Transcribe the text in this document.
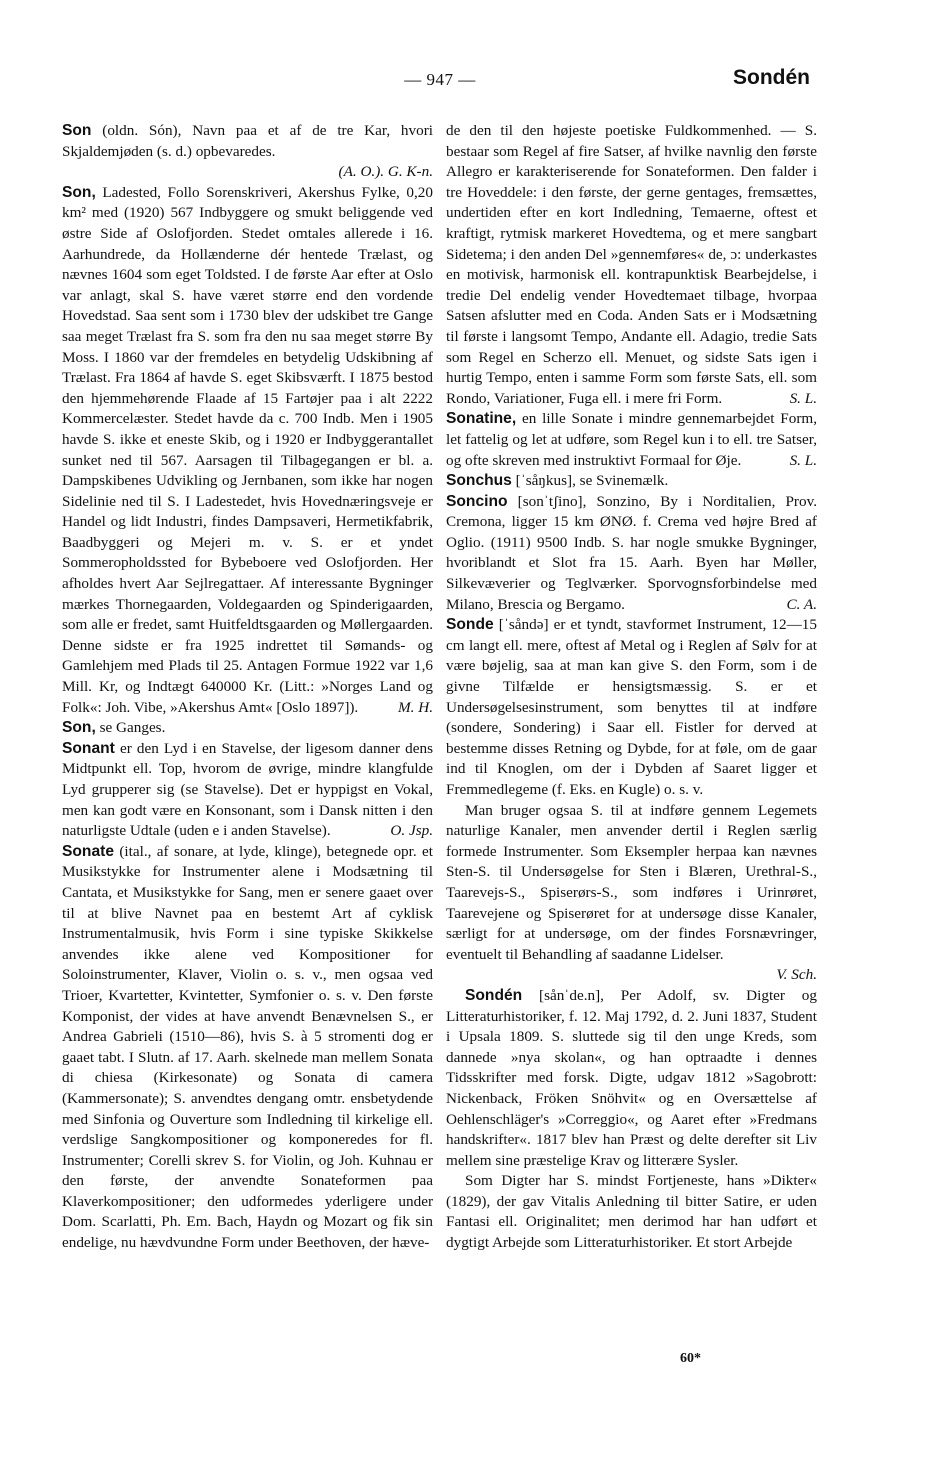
— 947 —	Sondén

Son (oldn. Són), Navn paa et af de tre Kar, hvori Skjaldemjøden (s. d.) opbevaredes.

(A. O.). G. K-n.

Son, Ladested, Follo Sorenskriveri, Akershus Fylke, 0,20 km² med (1920) 567 Indbyggere og smukt beliggende ved østre Side af Oslofjorden. Stedet omtales allerede i 16. Aarhundrede, da Hollænderne dér hentede Trælast, og nævnes 1604 som eget Toldsted. I de første Aar efter at Oslo var anlagt, skal S. have været større end den vordende Hovedstad. Saa sent som i 1730 blev der udskibet tre Gange saa meget Trælast fra S. som fra den nu saa meget større By Moss. I 1860 var der fremdeles en betydelig Udskibning af Trælast. Fra 1864 af havde S. eget Skibsværft. I 1875 bestod den hjemmehørende Flaade af 15 Fartøjer paa i alt 2222 Kommercelæster. Stedet havde da c. 700 Indb. Men i 1905 havde S. ikke et eneste Skib, og i 1920 er Indbyggerantallet sunket ned til 567. Aarsagen til Tilbagegangen er bl. a. Dampskibenes Udvikling og Jernbanen, som ikke har nogen Sidelinie ned til S. I Ladestedet, hvis Hovednæringsveje er Handel og lidt Industri, findes Dampsaveri, Hermetikfabrik, Baadbyggeri og Mejeri m. v. S. er et yndet Sommeropholdssted for Bybeboere ved Oslofjorden. Her afholdes hvert Aar Sejlregattaer. Af interessante Bygninger mærkes Thornegaarden, Voldegaarden og Spinderigaarden, som alle er fredet, samt Huitfeldtsgaarden og Møllergaarden. Denne sidste er fra 1925 indrettet til Sømands- og Gamlehjem med Plads til 25. Antagen Formue 1922 var 1,6 Mill. Kr, og Indtægt 640000 Kr. (Litt.: »Norges Land og Folk«: Joh. Vibe, »Akershus Amt« [Oslo 1897]).	M. H.

Son, se Ganges.

Sonant er den Lyd i en Stavelse, der ligesom danner dens Midtpunkt ell. Top, hvorom de øvrige, mindre klangfulde Lyd grupperer sig (se Stavelse). Det er hyppigst en Vokal, men kan godt være en Konsonant, som i Dansk nitten i den naturligste Udtale (uden e i anden Stavelse).	O. Jsp.

Sonate (ital., af sonare, at lyde, klinge), betegnede opr. et Musikstykke for Instrumenter alene i Modsætning til Cantata, et Musikstykke for Sang, men er senere gaaet over til at blive Navnet paa en bestemt Art af cyklisk Instrumentalmusik, hvis Form i sine typiske Skikkelse anvendes ikke alene ved Kompositioner for Soloinstrumenter, Klaver, Violin o. s. v., men ogsaa ved Trioer, Kvartetter, Kvintetter, Symfonier o. s. v. Den første Komponist, der vides at have anvendt Benævnelsen S., er Andrea Gabrieli (1510—86), hvis S. à 5 stromenti dog er gaaet tabt. I Slutn. af 17. Aarh. skelnede man mellem Sonata di chiesa (Kirkesonate) og Sonata di camera (Kammersonate); S. anvendtes dengang omtr. ensbetydende med Sinfonia og Ouverture som Indledning til kirkelige ell. verdslige Sangkompositioner og komponeredes for fl. Instrumenter; Corelli skrev S. for Violin, og Joh. Kuhnau er den første, der anvendte Sonateformen paa Klaverkompositioner; den udformedes yderligere under Dom. Scarlatti, Ph. Em. Bach, Haydn og Mozart og fik sin endelige, nu hævdvundne Form under Beethoven, der hæve-

de den til den højeste poetiske Fuldkommenhed. — S. bestaar som Regel af fire Satser, af hvilke navnlig den første Allegro er karakteriserende for Sonateformen. Den falder i tre Hoveddele: i den første, der gerne gentages, fremsættes, undertiden efter en kort Indledning, Temaerne, oftest et kraftigt, rytmisk markeret Hovedtema, og et mere sangbart Sidetema; i den anden Del »gennemføres« de, ɔ: underkastes en motivisk, harmonisk ell. kontrapunktisk Bearbejdelse, i tredie Del endelig vender Hovedtemaet tilbage, hvorpaa Satsen afslutter med en Coda. Anden Sats er i Modsætning til første i langsomt Tempo, Andante ell. Adagio, tredie Sats som Regel en Scherzo ell. Menuet, og sidste Sats igen i hurtig Tempo, enten i samme Form som første Sats, ell. som Rondo, Variationer, Fuga ell. i mere fri Form.	S. L.

Sonatine, en lille Sonate i mindre gennemarbejdet Form, let fattelig og let at udføre, som Regel kun i to ell. tre Satser, og ofte skreven med instruktivt Formaal for Øje.	S. L.

Sonchus [ˈsåŋkus], se Svinemælk.

Soncino [sonˈtʃino], Sonzino, By i Norditalien, Prov. Cremona, ligger 15 km ØNØ. f. Crema ved højre Bred af Oglio. (1911) 9500 Indb. S. har nogle smukke Bygninger, hvoriblandt et Slot fra 15. Aarh. Byen har Møller, Silkevæverier og Teglværker. Sporvognsforbindelse med Milano, Brescia og Bergamo.	C. A.

Sonde [ˈsåndə] er et tyndt, stavformet Instrument, 12—15 cm langt ell. mere, oftest af Metal og i Reglen af Sølv for at være bøjelig, saa at man kan give S. den Form, som i de givne Tilfælde er hensigtsmæssig. S. er et Undersøgelsesinstrument, som benyttes til at indføre (sondere, Sondering) i Saar ell. Fistler for derved at bestemme disses Retning og Dybde, for at føle, om de gaar ind til Knoglen, om der i Dybden af Saaret ligger et Fremmedlegeme (f. Eks. en Kugle) o. s. v.

Man bruger ogsaa S. til at indføre gennem Legemets naturlige Kanaler, men anvender dertil i Reglen særlig formede Instrumenter. Som Eksempler herpaa kan nævnes Sten-S. til Undersøgelse for Sten i Blæren, Urethral-S., Taarevejs-S., Spiserørs-S., som indføres i Urinrøret, Taarevejene og Spiserøret for at undersøge disse Kanaler, særligt for at undersøge, om der findes Forsnævringer, eventuelt til Behandling af saadanne Lidelser.

V. Sch.

Sondén [sånˈde.n], Per Adolf, sv. Digter og Litteraturhistoriker, f. 12. Maj 1792, d. 2. Juni 1837, Student i Upsala 1809. S. sluttede sig til den unge Kreds, som dannede »nya skolan«, og han optraadte i dennes Tidsskrifter med forsk. Digte, udgav 1812 »Sagobrott: Nickenback, Fröken Snöhvit« og en Oversættelse af Oehlenschläger's »Correggio«, og Aaret efter »Fredmans handskrifter«. 1817 blev han Præst og delte derefter sit Liv mellem sine præstelige Krav og litterære Sysler.

Som Digter har S. mindst Fortjeneste, hans »Dikter« (1829), der gav Vitalis Anledning til bitter Satire, er uden Fantasi ell. Originalitet; men derimod har han udført et dygtigt Arbejde som Litteraturhistoriker. Et stort Arbejde

60*
